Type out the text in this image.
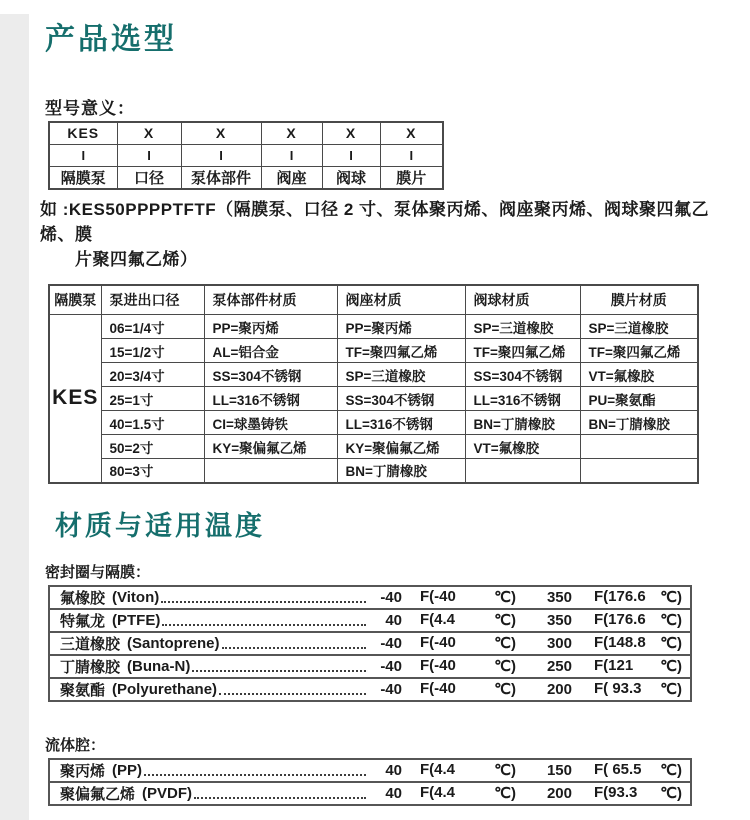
产品选型
型号意义：
KES	X	X	X	X	X
I	I	I	I	I	I
隔膜泵	口径	泵体部件	阀座	阀球	膜片
如 :KES50PPPPTFTF（隔膜泵、口径 2 寸、泵体聚丙烯、阀座聚丙烯、阀球聚四氟乙烯、膜
片聚四氟乙烯）
隔膜泵	泵进出口径	泵体部件材质	阀座材质	阀球材质	膜片材质
KES	06=1/4寸	PP=聚丙烯	PP=聚丙烯	SP=三道橡胶	SP=三道橡胶
	15=1/2寸	AL=铝合金	TF=聚四氟乙烯	TF=聚四氟乙烯	TF=聚四氟乙烯
	20=3/4寸	SS=304不锈钢	SP=三道橡胶	SS=304不锈钢	VT=氟橡胶
	25=1寸	LL=316不锈钢	SS=304不锈钢	LL=316不锈钢	PU=聚氨酯
	40=1.5寸	CI=球墨铸铁	LL=316不锈钢	BN=丁腈橡胶	BN=丁腈橡胶
	50=2寸	KY=聚偏氟乙烯	KY=聚偏氟乙烯	VT=氟橡胶	
	80=3寸		BN=丁腈橡胶		
材质与适用温度
密封圈与隔膜：
氟橡胶 (Viton)	-40 F(-40	℃)	350 F(176.6 ℃)
特氟龙 (PTFE)	40 F(4.4	℃)	350 F(176.6 ℃)
三道橡胶 (Santoprene)	-40 F(-40	℃)	300 F(148.8 ℃)
丁腈橡胶 (Buna-N)	-40 F(-40	℃)	250 F(121 ℃)
聚氨酯 (Polyurethane)	-40 F(-40	℃)	200 F( 93.3 ℃)
流体腔：
聚丙烯 (PP)	40 F(4.4	℃)	150 F( 65.5 ℃)
聚偏氟乙烯 (PVDF)	40 F(4.4	℃)	200 F(93.3 ℃)
